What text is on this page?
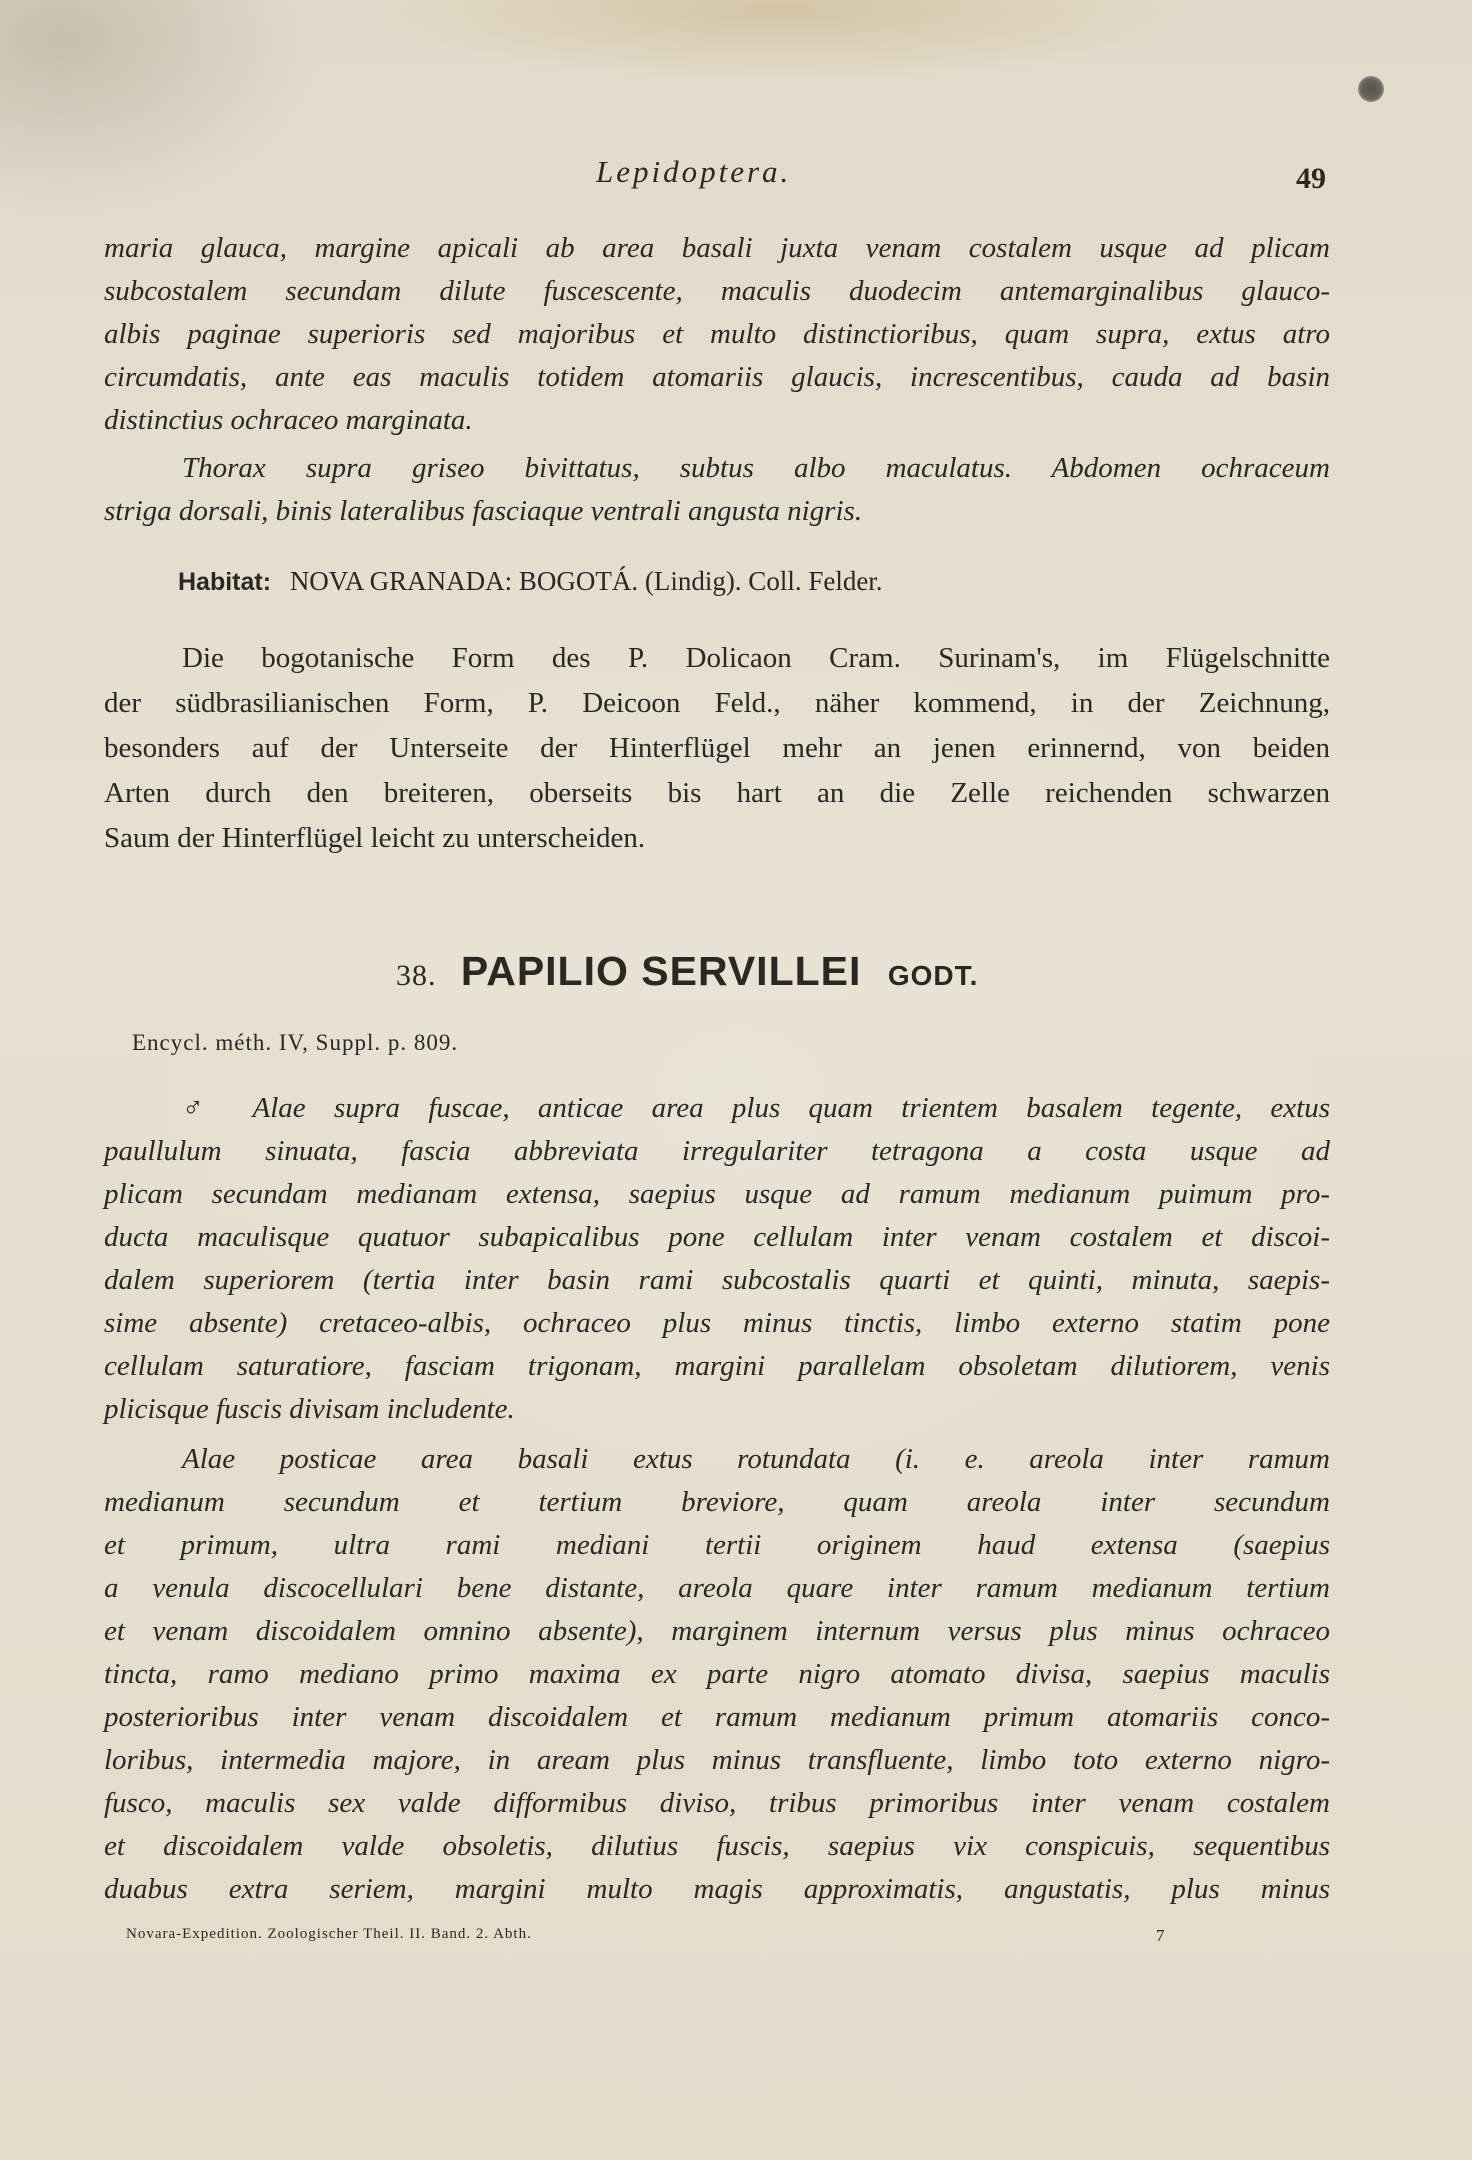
Lepidoptera.	49
maria glauca, margine apicali ab area basali juxta venam costalem usque ad plicam
subcostalem secundam dilute fuscescente, maculis duodecim antemarginalibus glauco-
albis paginae superioris sed majoribus et multo distinctioribus, quam supra, extus atro
circumdatis, ante eas maculis totidem atomariis glaucis, increscentibus, cauda ad basin
distinctius ochraceo marginata.
Thorax supra griseo bivittatus, subtus albo maculatus. Abdomen ochraceum
striga dorsali, binis lateralibus fasciaque ventrali angusta nigris.
Habitat: NOVA GRANADA: BOGOTÁ. (Lindig). Coll. Felder.
Die bogotanische Form des P. Dolicaon Cram. Surinam's, im Flügelschnitte
der südbrasilianischen Form, P. Deicoon Feld., näher kommend, in der Zeichnung,
besonders auf der Unterseite der Hinterflügel mehr an jenen erinnernd, von beiden
Arten durch den breiteren, oberseits bis hart an die Zelle reichenden schwarzen
Saum der Hinterflügel leicht zu unterscheiden.
38. PAPILIO SERVILLEI GODT.
Encycl. méth. IV, Suppl. p. 809.
♂ Alae supra fuscae, anticae area plus quam trientem basalem tegente, extus
paullulum sinuata, fascia abbreviata irregulariter tetragona a costa usque ad
plicam secundam medianam extensa, saepius usque ad ramum medianum puimum pro-
ducta maculisque quatuor subapicalibus pone cellulam inter venam costalem et discoi-
dalem superiorem (tertia inter basin rami subcostalis quarti et quinti, minuta, saepis-
sime absente) cretaceo-albis, ochraceo plus minus tinctis, limbo externo statim pone
cellulam saturatiore, fasciam trigonam, margini parallelam obsoletam dilutiorem, venis
plicisque fuscis divisam includente.
Alae posticae area basali extus rotundata (i. e. areola inter ramum
medianum secundum et tertium breviore, quam areola inter secundum
et primum, ultra rami mediani tertii originem haud extensa (saepius
a venula discocellulari bene distante, areola quare inter ramum medianum tertium
et venam discoidalem omnino absente), marginem internum versus plus minus ochraceo
tincta, ramo mediano primo maxima ex parte nigro atomato divisa, saepius maculis
posterioribus inter venam discoidalem et ramum medianum primum atomariis conco-
loribus, intermedia majore, in aream plus minus transfluente, limbo toto externo nigro-
fusco, maculis sex valde difformibus diviso, tribus primoribus inter venam costalem
et discoidalem valde obsoletis, dilutius fuscis, saepius vix conspicuis, sequentibus
duabus extra seriem, margini multo magis approximatis, angustatis, plus minus
Novara-Expedition. Zoologischer Theil. II. Band. 2. Abth.	7
